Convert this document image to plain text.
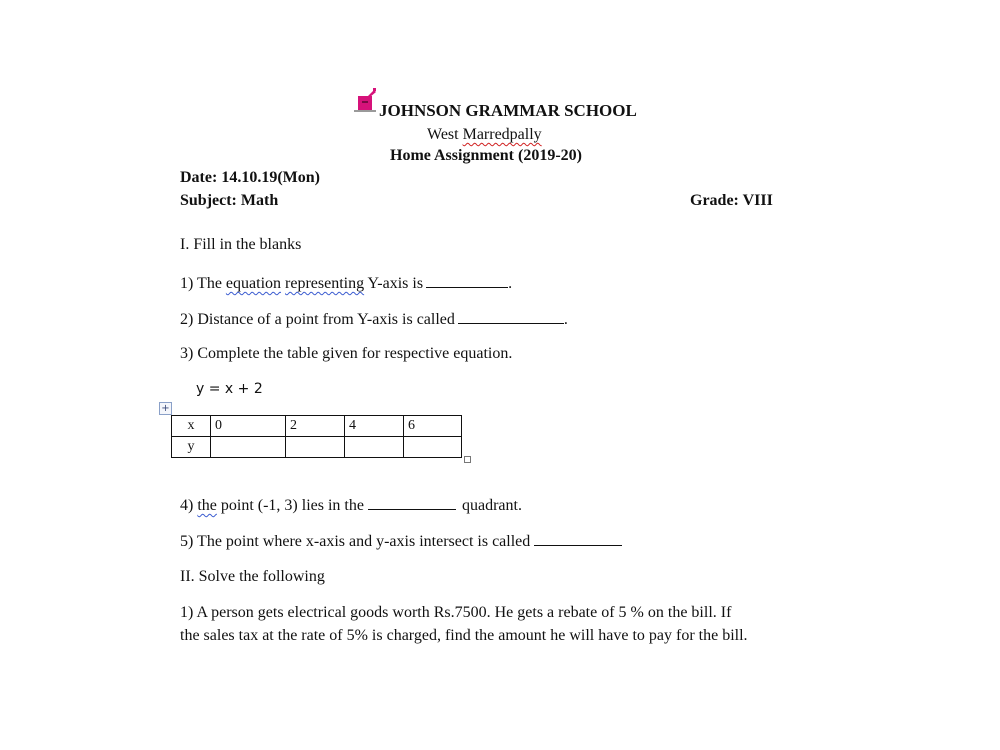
JOHNSON GRAMMAR SCHOOL
West Marredpally
Home Assignment (2019-20)
Date: 14.10.19(Mon)
Subject: Math	Grade: VIII
I. Fill in the blanks
1) The equation representing Y-axis is	.
2) Distance of a point from Y-axis is called	.
3) Complete the table given for respective equation.
y = x + 2
+
x	0	2	4	6
y				
4) the point (-1, 3) lies in the	quadrant.
5) The point where x-axis and y-axis intersect is called
II. Solve the following
1) A person gets electrical goods worth Rs.7500. He gets a rebate of 5 % on the bill. If
the sales tax at the rate of 5% is charged, find the amount he will have to pay for the bill.
